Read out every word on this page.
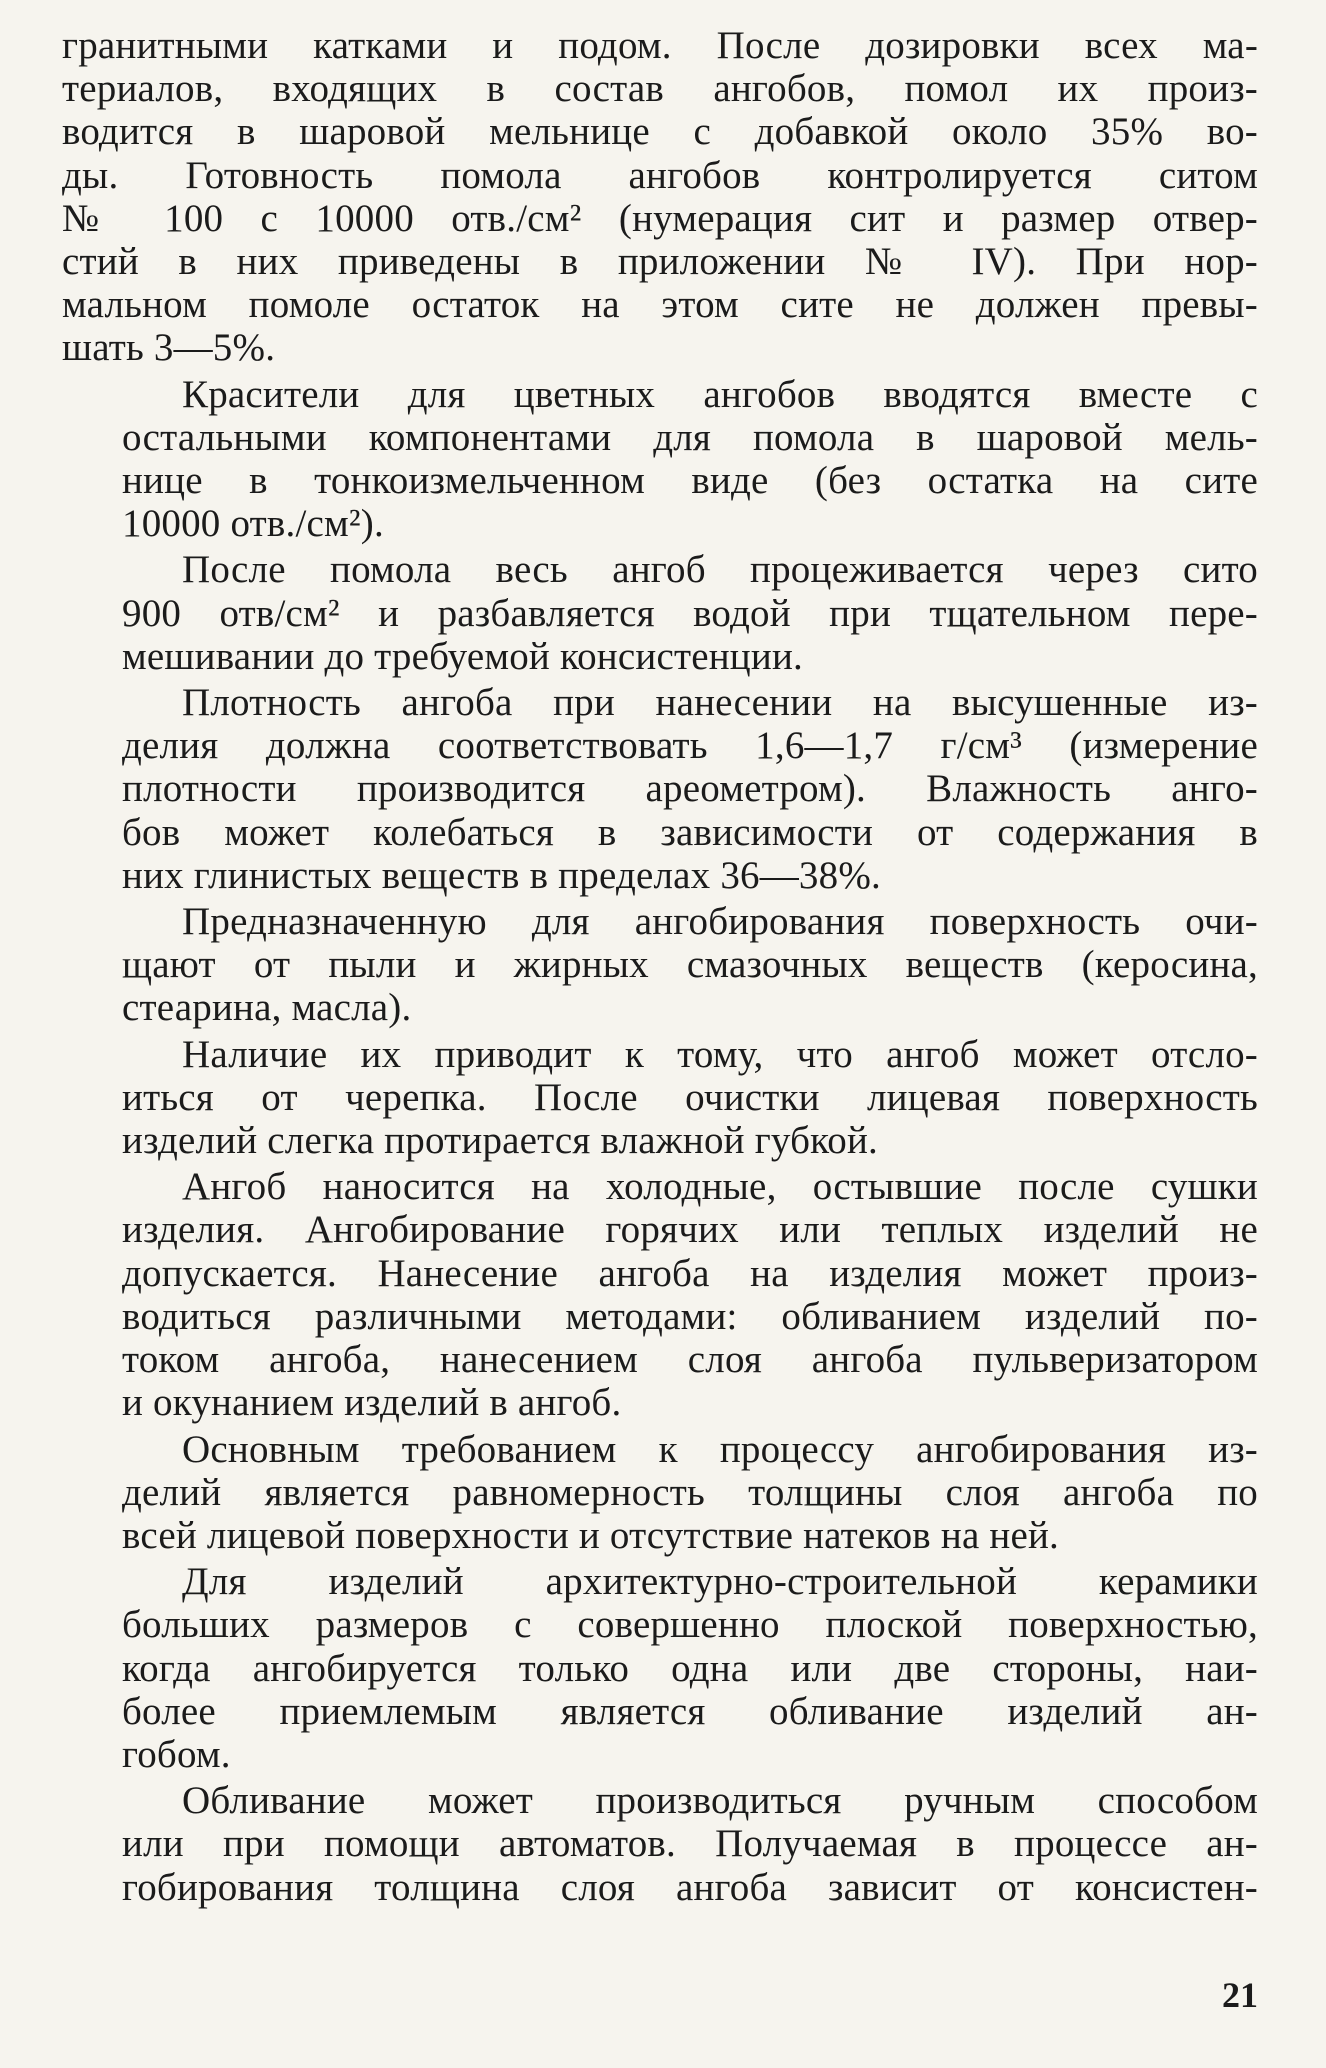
гранитными катками и подом. После дозировки всех ма-
териалов, входящих в состав ангобов, помол их произ-
водится в шаровой мельнице с добавкой около 35% во-
ды. Готовность помола ангобов контролируется ситом
№ 100 с 10000 отв./см² (нумерация сит и размер отвер-
стий в них приведены в приложении № IV). При нор-
мальном помоле остаток на этом сите не должен превы-
шать 3—5%.
Красители для цветных ангобов вводятся вместе с
остальными компонентами для помола в шаровой мель-
нице в тонкоизмельченном виде (без остатка на сите
10000 отв./см²).
После помола весь ангоб процеживается через сито
900 отв/см² и разбавляется водой при тщательном пере-
мешивании до требуемой консистенции.
Плотность ангоба при нанесении на высушенные из-
делия должна соответствовать 1,6—1,7 г/см³ (измерение
плотности производится ареометром). Влажность анго-
бов может колебаться в зависимости от содержания в
них глинистых веществ в пределах 36—38%.
Предназначенную для ангобирования поверхность очи-
щают от пыли и жирных смазочных веществ (керосина,
стеарина, масла).
Наличие их приводит к тому, что ангоб может отсло-
иться от черепка. После очистки лицевая поверхность
изделий слегка протирается влажной губкой.
Ангоб наносится на холодные, остывшие после сушки
изделия. Ангобирование горячих или теплых изделий не
допускается. Нанесение ангоба на изделия может произ-
водиться различными методами: обливанием изделий по-
током ангоба, нанесением слоя ангоба пульверизатором
и окунанием изделий в ангоб.
Основным требованием к процессу ангобирования из-
делий является равномерность толщины слоя ангоба по
всей лицевой поверхности и отсутствие натеков на ней.
Для изделий архитектурно-строительной керамики
больших размеров с совершенно плоской поверхностью,
когда ангобируется только одна или две стороны, наи-
более приемлемым является обливание изделий ан-
гобом.
Обливание может производиться ручным способом
или при помощи автоматов. Получаемая в процессе ан-
гобирования толщина слоя ангоба зависит от консистен-
21
